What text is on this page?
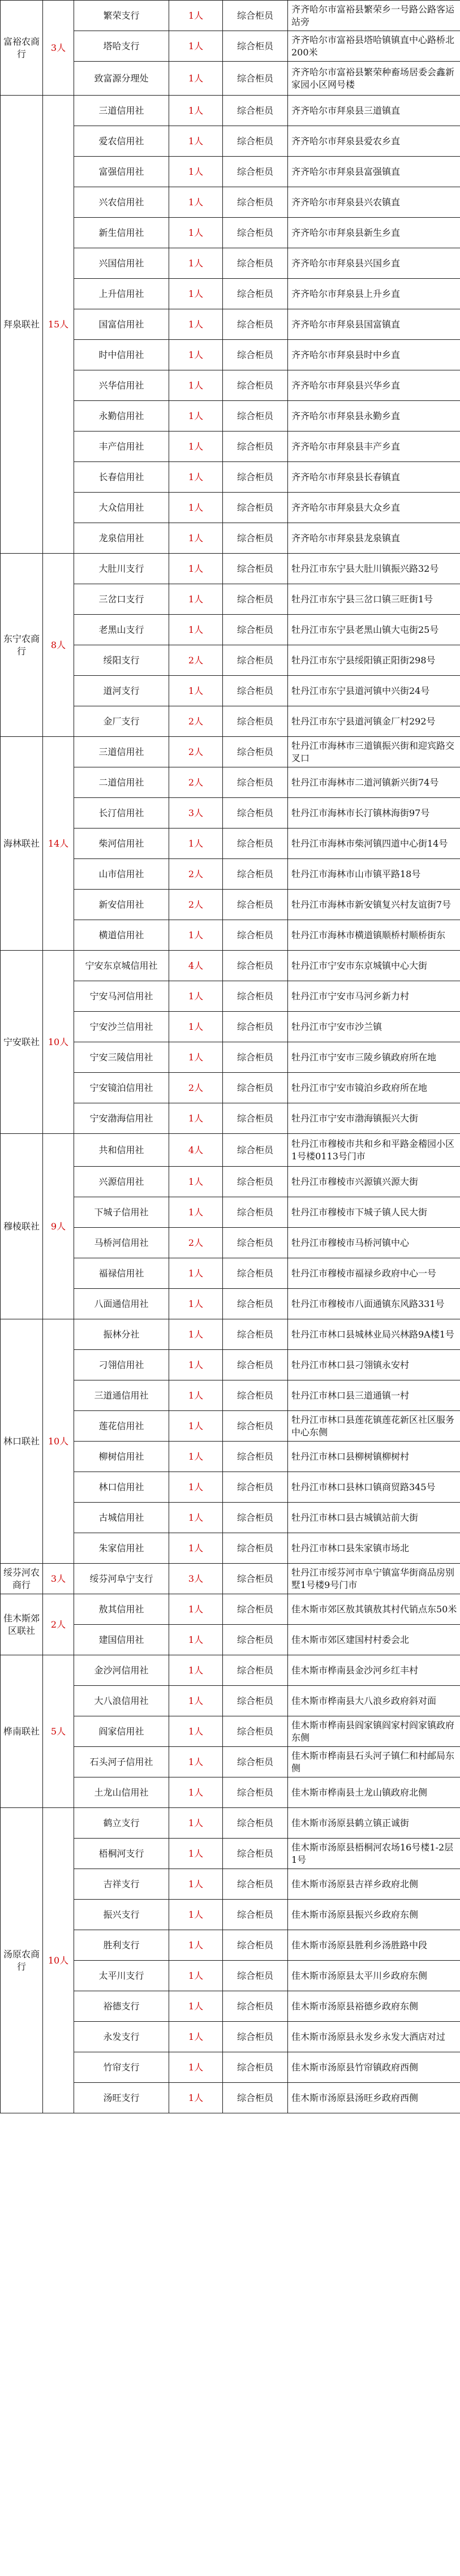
富裕农商行	3人	繁荣支行	1人	综合柜员	齐齐哈尔市富裕县繁荣乡一号路公路客运站旁
		塔哈支行	1人	综合柜员	齐齐哈尔市富裕县塔哈镇镇直中心路桥北200米
		致富源分理处	1人	综合柜员	齐齐哈尔市富裕县繁荣种畜场居委会鑫新家园小区网号楼
拜泉联社	15人	三道信用社	1人	综合柜员	齐齐哈尔市拜泉县三道镇直
		爱农信用社	1人	综合柜员	齐齐哈尔市拜泉县爱农乡直
		富强信用社	1人	综合柜员	齐齐哈尔市拜泉县富强镇直
		兴农信用社	1人	综合柜员	齐齐哈尔市拜泉县兴农镇直
		新生信用社	1人	综合柜员	齐齐哈尔市拜泉县新生乡直
		兴国信用社	1人	综合柜员	齐齐哈尔市拜泉县兴国乡直
		上升信用社	1人	综合柜员	齐齐哈尔市拜泉县上升乡直
		国富信用社	1人	综合柜员	齐齐哈尔市拜泉县国富镇直
		时中信用社	1人	综合柜员	齐齐哈尔市拜泉县时中乡直
		兴华信用社	1人	综合柜员	齐齐哈尔市拜泉县兴华乡直
		永勤信用社	1人	综合柜员	齐齐哈尔市拜泉县永勤乡直
		丰产信用社	1人	综合柜员	齐齐哈尔市拜泉县丰产乡直
		长春信用社	1人	综合柜员	齐齐哈尔市拜泉县长春镇直
		大众信用社	1人	综合柜员	齐齐哈尔市拜泉县大众乡直
		龙泉信用社	1人	综合柜员	齐齐哈尔市拜泉县龙泉镇直
东宁农商行	8人	大肚川支行	1人	综合柜员	牡丹江市东宁县大肚川镇振兴路32号
		三岔口支行	1人	综合柜员	牡丹江市东宁县三岔口镇三旺街1号
		老黑山支行	1人	综合柜员	牡丹江市东宁县老黑山镇大屯街25号
		绥阳支行	2人	综合柜员	牡丹江市东宁县绥阳镇正阳街298号
		道河支行	1人	综合柜员	牡丹江市东宁县道河镇中兴街24号
		金厂支行	2人	综合柜员	牡丹江市东宁县道河镇金厂村292号
海林联社	14人	三道信用社	2人	综合柜员	牡丹江市海林市三道镇振兴街和迎宾路交叉口
		二道信用社	2人	综合柜员	牡丹江市海林市二道河镇新兴街74号
		长汀信用社	3人	综合柜员	牡丹江市海林市长汀镇林海街97号
		柴河信用社	1人	综合柜员	牡丹江市海林市柴河镇四道中心街14号
		山市信用社	2人	综合柜员	牡丹江市海林市山市镇平路18号
		新安信用社	2人	综合柜员	牡丹江市海林市新安镇复兴村友谊街7号
		横道信用社	1人	综合柜员	牡丹江市海林市横道镇顺桥村顺桥街东
宁安联社	10人	宁安东京城信用社	4人	综合柜员	牡丹江市宁安市东京城镇中心大街
		宁安马河信用社	1人	综合柜员	牡丹江市宁安市马河乡新力村
		宁安沙兰信用社	1人	综合柜员	牡丹江市宁安市沙兰镇
		宁安三陵信用社	1人	综合柜员	牡丹江市宁安市三陵乡镇政府所在地
		宁安镜泊信用社	2人	综合柜员	牡丹江市宁安市镜泊乡政府所在地
		宁安渤海信用社	1人	综合柜员	牡丹江市宁安市渤海镇振兴大街
穆棱联社	9人	共和信用社	4人	综合柜员	牡丹江市穆棱市共和乡和平路金稽园小区1号楼0113号门市
		兴源信用社	1人	综合柜员	牡丹江市穆棱市兴源镇兴源大街
		下城子信用社	1人	综合柜员	牡丹江市穆棱市下城子镇人民大街
		马桥河信用社	2人	综合柜员	牡丹江市穆棱市马桥河镇中心
		福禄信用社	1人	综合柜员	牡丹江市穆棱市福禄乡政府中心一号
		八面通信用社	1人	综合柜员	牡丹江市穆棱市八面通镇东风路331号
林口联社	10人	振林分社	1人	综合柜员	牡丹江市林口县城林业局兴林路9A楼1号
		刁翎信用社	1人	综合柜员	牡丹江市林口县刁翎镇永安村
		三道通信用社	1人	综合柜员	牡丹江市林口县三道通镇一村
		莲花信用社	1人	综合柜员	牡丹江市林口县莲花镇莲花新区社区服务中心东侧
		柳树信用社	1人	综合柜员	牡丹江市林口县柳树镇柳树村
		林口信用社	1人	综合柜员	牡丹江市林口县林口镇商贸路345号
		古城信用社	1人	综合柜员	牡丹江市林口县古城镇站前大街
		朱家信用社	1人	综合柜员	牡丹江市林口县朱家镇市场北
绥芬河农商行	3人	绥芬河阜宁支行	3人	综合柜员	牡丹江市绥芬河市阜宁镇富华街商品房别墅1号楼9号门市
佳木斯郊区联社	2人	敖其信用社	1人	综合柜员	佳木斯市郊区敖其镇敖其村代销点东50米
		建国信用社	1人	综合柜员	佳木斯市郊区建国村村委会北
桦南联社	5人	金沙河信用社	1人	综合柜员	佳木斯市桦南县金沙河乡红丰村
		大八浪信用社	1人	综合柜员	佳木斯市桦南县大八浪乡政府斜对面
		阎家信用社	1人	综合柜员	佳木斯市桦南县阎家镇阎家村阎家镇政府东侧
		石头河子信用社	1人	综合柜员	佳木斯市桦南县石头河子镇仁和村邮局东侧
		土龙山信用社	1人	综合柜员	佳木斯市桦南县土龙山镇政府北侧
汤原农商行	10人	鹤立支行	1人	综合柜员	佳木斯市汤原县鹤立镇正诚街
		梧桐河支行	1人	综合柜员	佳木斯市汤原县梧桐河农场16号楼1-2层1号
		吉祥支行	1人	综合柜员	佳木斯市汤原县吉祥乡政府北侧
		振兴支行	1人	综合柜员	佳木斯市汤原县振兴乡政府东侧
		胜利支行	1人	综合柜员	佳木斯市汤原县胜利乡汤胜路中段
		太平川支行	1人	综合柜员	佳木斯市汤原县太平川乡政府东侧
		裕德支行	1人	综合柜员	佳木斯市汤原县裕德乡政府东侧
		永发支行	1人	综合柜员	佳木斯市汤原县永发乡永发大酒店对过
		竹帘支行	1人	综合柜员	佳木斯市汤原县竹帘镇政府西侧
		汤旺支行	1人	综合柜员	佳木斯市汤原县汤旺乡政府西侧
